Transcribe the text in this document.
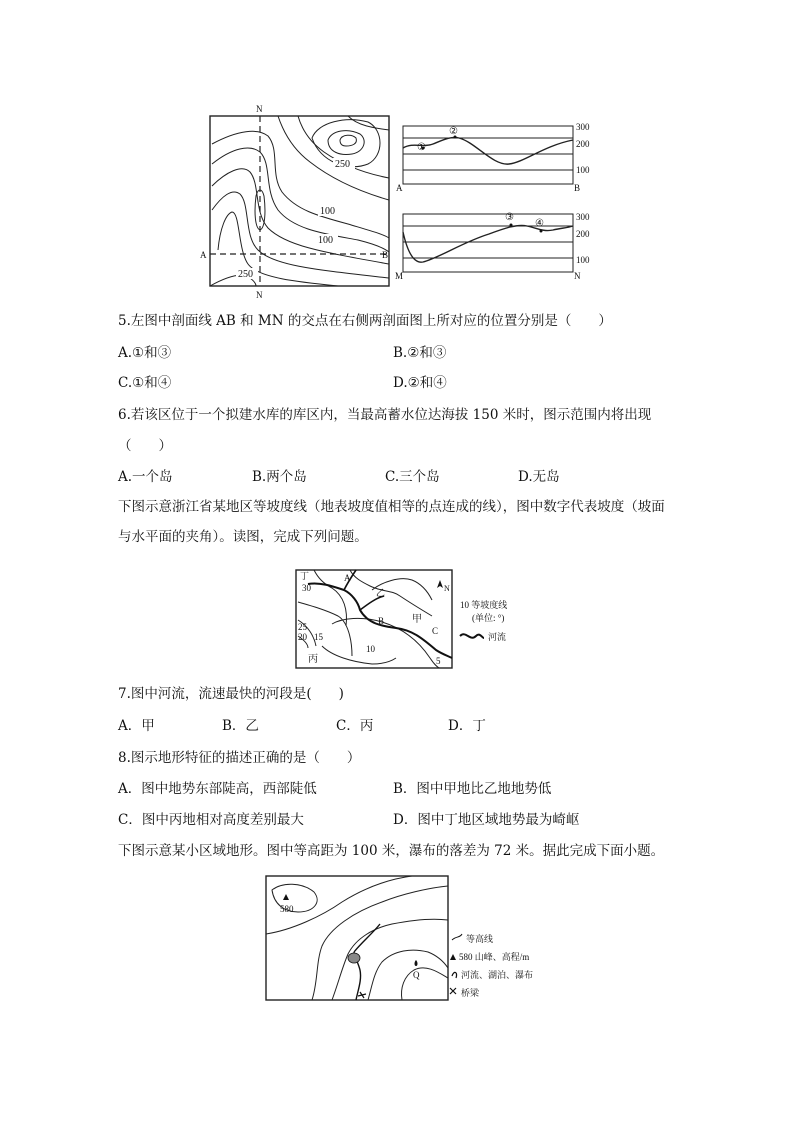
N
N
A	B
250
100
100
250
①
②	300
200
100
A	B
③
④
300
200
100
M	N
5.左图中剖面线 AB 和 MN 的交点在右侧两剖面图上所对应的位置分别是（　　）
A.①和③	B.②和③
C.①和④	D.②和④
6.若该区位于一个拟建水库的库区内，当最高蓄水位达海拔 150 米时，图示范围内将出现
（　　）
A.一个岛	B.两个岛	C.三个岛	D.无岛
下图示意浙江省某地区等坡度线（地表坡度值相等的点连成的线），图中数字代表坡度（坡面与水平面的夹角）。读图，完成下列问题。
丁	A
乙
B	甲
C
丙
30
25
20 15
10
5
N
10 等坡度线
(单位: °)
河流
7.图中河流，流速最快的河段是(　　)
A．甲	B．乙	C．丙	D．丁
8.图示地形特征的描述正确的是（　　）
A．图中地势东部陡高，西部陡低	B．图中甲地比乙地地势低
C．图中丙地相对高度差别最大	D．图中丁地区域地势最为崎岖
下图示意某小区域地形。图中等高距为 100 米，瀑布的落差为 72 米。据此完成下面小题。
580
Q
等高线
580 山峰、高程/m
河流、湖泊、瀑布
桥梁
